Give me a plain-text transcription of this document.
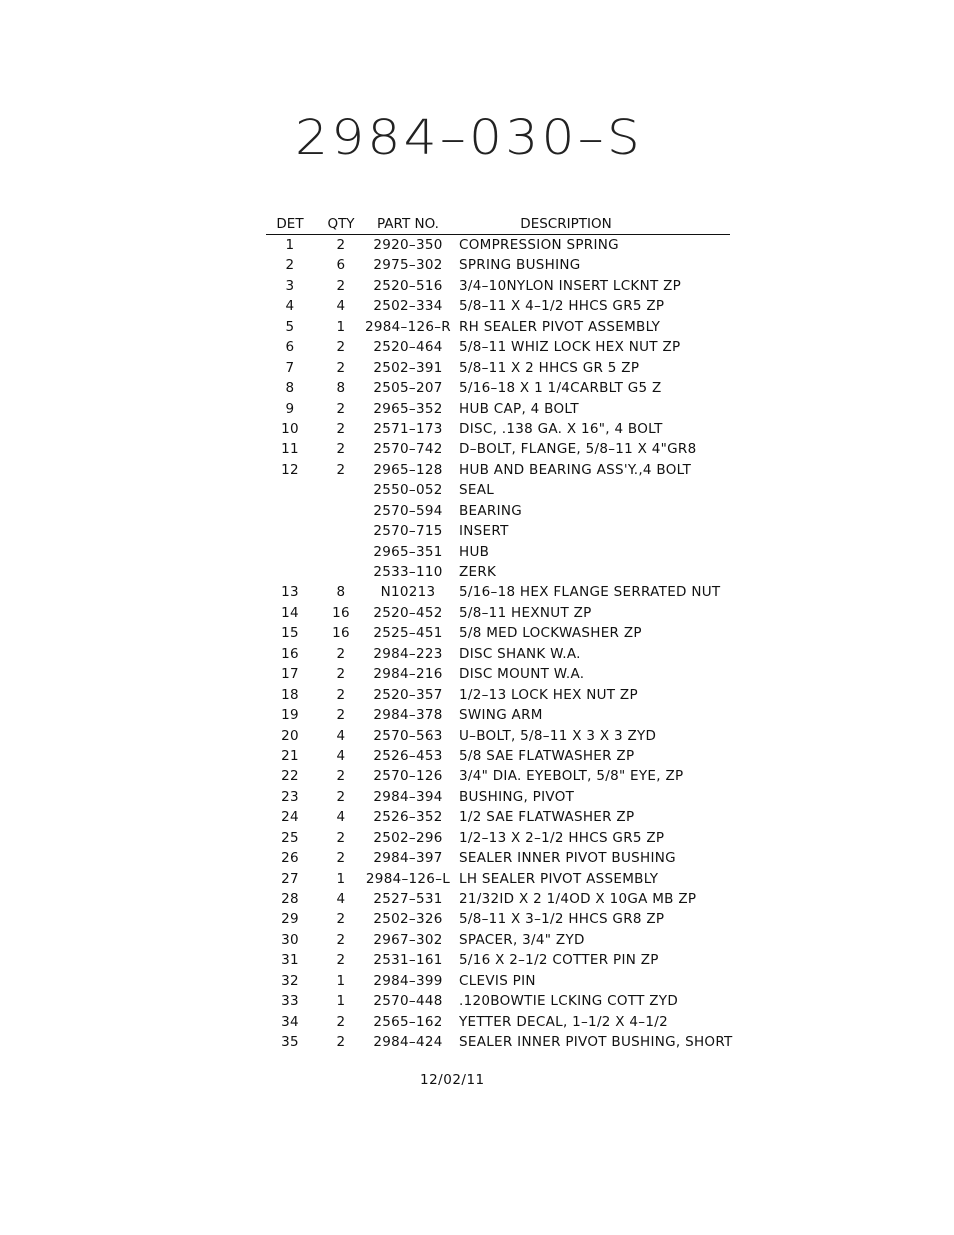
2984–030–S
DET	QTY	PART NO.	DESCRIPTION
1	2	2920–350	COMPRESSION SPRING
2	6	2975–302	SPRING BUSHING
3	2	2520–516	3/4–10NYLON INSERT LCKNT ZP
4	4	2502–334	5/8–11 X 4–1/2 HHCS GR5 ZP
5	1	2984–126–R RH SEALER PIVOT ASSEMBLY
6	2	2520–464	5/8–11 WHIZ LOCK HEX NUT ZP
7	2	2502–391	5/8–11 X 2 HHCS GR 5 ZP
8	8	2505–207	5/16–18 X 1 1/4CARBLT G5 Z
9	2	2965–352	HUB CAP, 4 BOLT
10	2	2571–173	DISC, .138 GA. X 16", 4 BOLT
11	2	2570–742	D–BOLT, FLANGE, 5/8–11 X 4"GR8
12	2	2965–128	HUB AND BEARING ASS'Y.,4 BOLT
2550–052	SEAL
2570–594	BEARING
2570–715	INSERT
2965–351	HUB
2533–110	ZERK
13	8	N10213	5/16–18 HEX FLANGE SERRATED NUT
14	16	2520–452	5/8–11 HEXNUT ZP
15	16	2525–451	5/8 MED LOCKWASHER ZP
16	2	2984–223	DISC SHANK W.A.
17	2	2984–216	DISC MOUNT W.A.
18	2	2520–357	1/2–13 LOCK HEX NUT ZP
19	2	2984–378	SWING ARM
20	4	2570–563	U–BOLT, 5/8–11 X 3 X 3 ZYD
21	4	2526–453	5/8 SAE FLATWASHER ZP
22	2	2570–126	3/4" DIA. EYEBOLT, 5/8" EYE, ZP
23	2	2984–394	BUSHING, PIVOT
24	4	2526–352	1/2 SAE FLATWASHER ZP
25	2	2502–296	1/2–13 X 2–1/2 HHCS GR5 ZP
26	2	2984–397	SEALER INNER PIVOT BUSHING
27	1	2984–126–L LH SEALER PIVOT ASSEMBLY
28	4	2527–531	21/32ID X 2 1/4OD X 10GA MB ZP
29	2	2502–326	5/8–11 X 3–1/2 HHCS GR8 ZP
30	2	2967–302	SPACER, 3/4" ZYD
31	2	2531–161	5/16 X 2–1/2 COTTER PIN ZP
32	1	2984–399	CLEVIS PIN
33	1	2570–448	.120BOWTIE LCKING COTT ZYD
34	2	2565–162	YETTER DECAL, 1–1/2 X 4–1/2
35	2	2984–424	SEALER INNER PIVOT BUSHING, SHORT
12/02/11
